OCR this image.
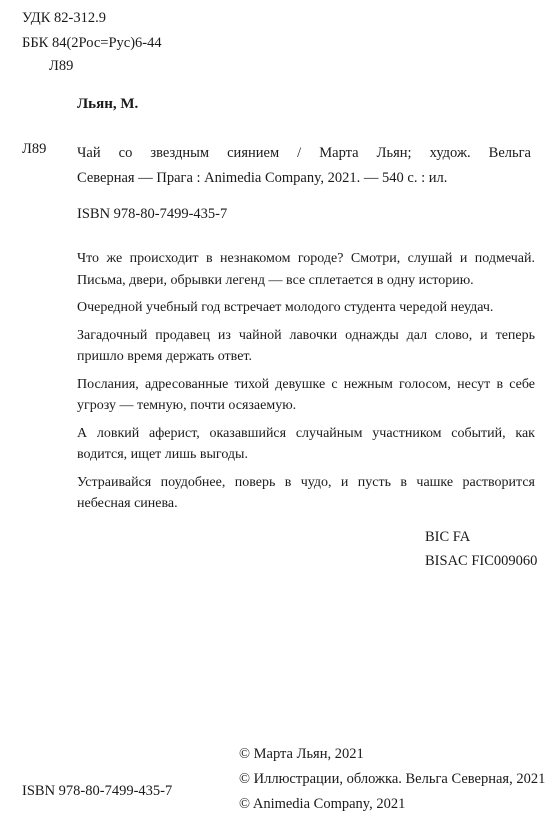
УДК 82-312.9
ББК 84(2Рос=Рус)6-44
Л89
Льян, М.
Л89 Чай со звездным сиянием / Марта Льян; худож. Вельга
Северная — Прага : Animedia Company, 2021. — 540 с. : ил.
ISBN 978-80-7499-435-7

Что же происходит в незнакомом городе? Смотри, слушай и подмечай. Письма, двери, обрывки легенд — все сплетается в одну историю.

Очередной учебный год встречает молодого студента чередой неудач.

Загадочный продавец из чайной лавочки однажды дал слово, и теперь пришло время держать ответ.

Послания, адресованные тихой девушке с нежным голосом, несут в себе угрозу — темную, почти осязаемую.

А ловкий аферист, оказавшийся случайным участником событий, как водится, ищет лишь выгоды.

Устраивайся поудобнее, поверь в чудо, и пусть в чашке растворится небесная синева.

BIC FA
BISAC FIC009060
© Марта Льян, 2021
© Иллюстрации, обложка. Вельга Северная, 2021
© Animedia Company, 2021
ISBN 978-80-7499-435-7
